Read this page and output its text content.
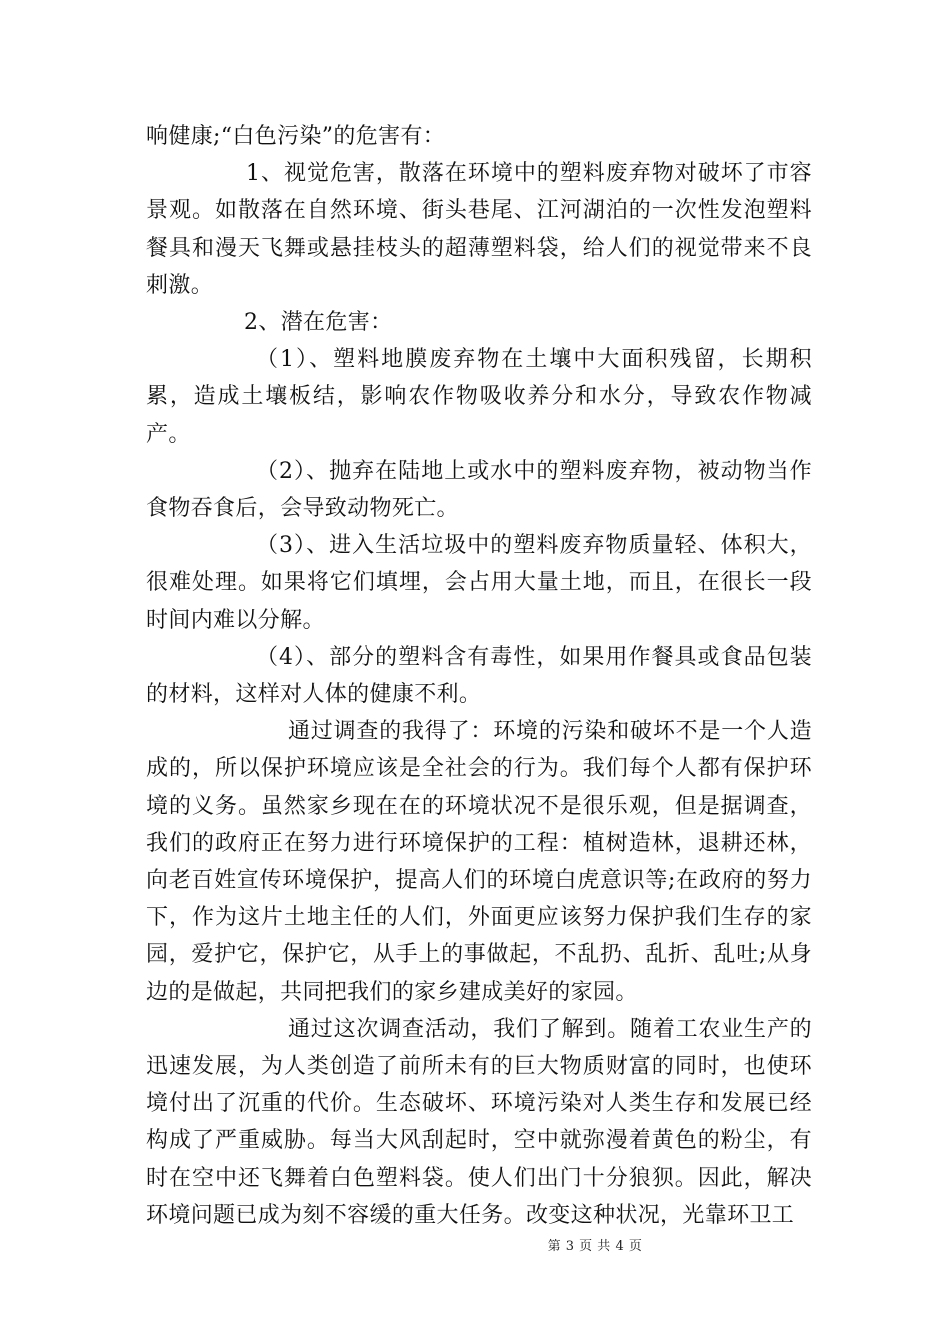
响健康;“白色污染”的危害有：

1、视觉危害，散落在环境中的塑料废弃物对破坏了市容景观。如散落在自然环境、街头巷尾、江河湖泊的一次性发泡塑料餐具和漫天飞舞或悬挂枝头的超薄塑料袋，给人们的视觉带来不良刺激。

2、潜在危害：

（1）、塑料地膜废弃物在土壤中大面积残留，长期积累，造成土壤板结，影响农作物吸收养分和水分，导致农作物减产。

（2）、抛弃在陆地上或水中的塑料废弃物，被动物当作食物吞食后，会导致动物死亡。

（3）、进入生活垃圾中的塑料废弃物质量轻、体积大，很难处理。如果将它们填埋，会占用大量土地，而且，在很长一段时间内难以分解。

（4）、部分的塑料含有毒性，如果用作餐具或食品包装的材料，这样对人体的健康不利。

通过调查的我得了：环境的污染和破坏不是一个人造成的，所以保护环境应该是全社会的行为。我们每个人都有保护环境的义务。虽然家乡现在在的环境状况不是很乐观，但是据调查，我们的政府正在努力进行环境保护的工程：植树造林，退耕还林，向老百姓宣传环境保护，提高人们的环境白虎意识等;在政府的努力下，作为这片土地主任的人们，外面更应该努力保护我们生存的家园，爱护它，保护它，从手上的事做起，不乱扔、乱折、乱吐;从身边的是做起，共同把我们的家乡建成美好的家园。

通过这次调查活动，我们了解到。随着工农业生产的迅速发展，为人类创造了前所未有的巨大物质财富的同时，也使环境付出了沉重的代价。生态破坏、环境污染对人类生存和发展已经构成了严重威胁。每当大风刮起时，空中就弥漫着黄色的粉尘，有时在空中还飞舞着白色塑料袋。使人们出门十分狼狈。因此，解决环境问题已成为刻不容缓的重大任务。改变这种状况，光靠环卫工

第 3 页 共 4 页
